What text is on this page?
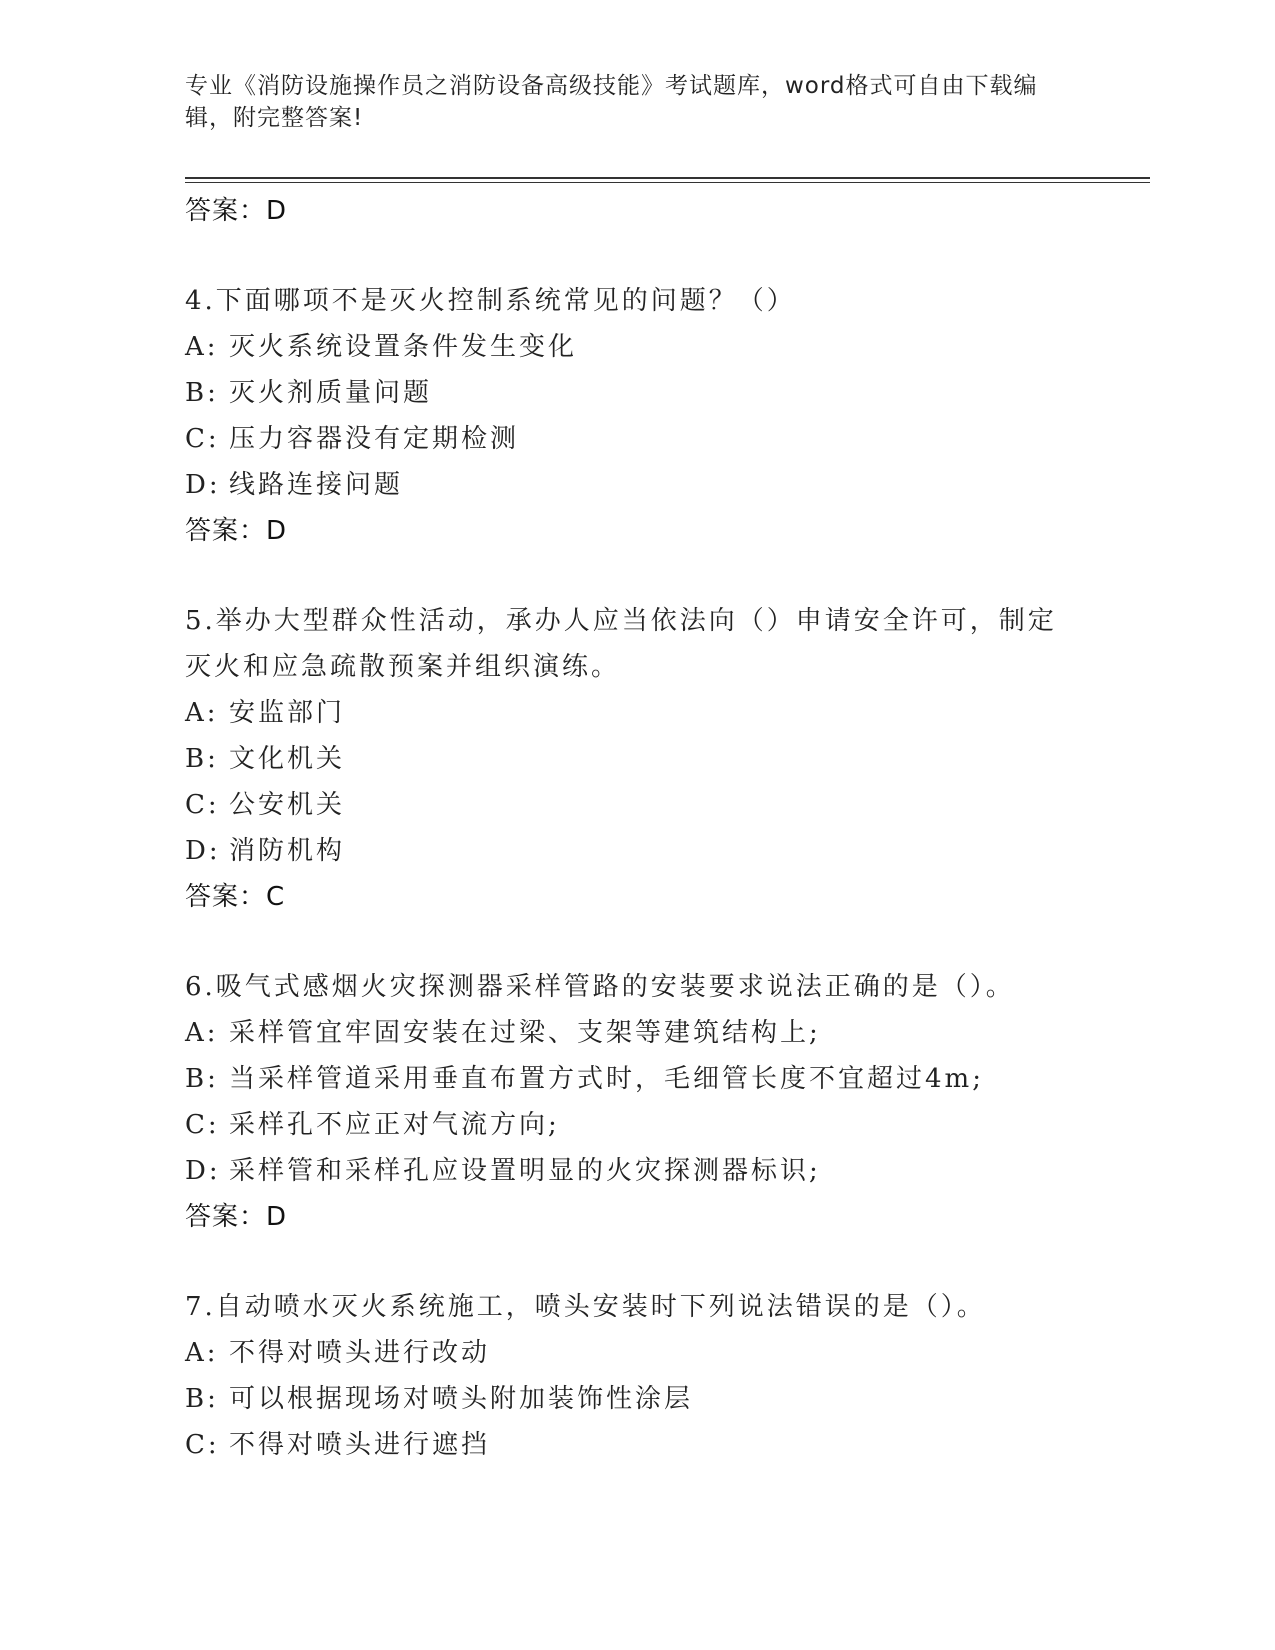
专业《消防设施操作员之消防设备高级技能》考试题库，word格式可自由下载编辑，附完整答案!
答案：D
4.下面哪项不是灭火控制系统常见的问题？（）
A: 灭火系统设置条件发生变化
B: 灭火剂质量问题
C: 压力容器没有定期检测
D: 线路连接问题
答案：D
5.举办大型群众性活动，承办人应当依法向（）申请安全许可，制定灭火和应急疏散预案并组织演练。
A: 安监部门
B: 文化机关
C: 公安机关
D: 消防机构
答案：C
6.吸气式感烟火灾探测器采样管路的安装要求说法正确的是（）。
A: 采样管宜牢固安装在过梁、支架等建筑结构上;
B: 当采样管道采用垂直布置方式时，毛细管长度不宜超过4m;
C: 采样孔不应正对气流方向;
D: 采样管和采样孔应设置明显的火灾探测器标识;
答案：D
7.自动喷水灭火系统施工，喷头安装时下列说法错误的是（）。
A: 不得对喷头进行改动
B: 可以根据现场对喷头附加装饰性涂层
C: 不得对喷头进行遮挡
